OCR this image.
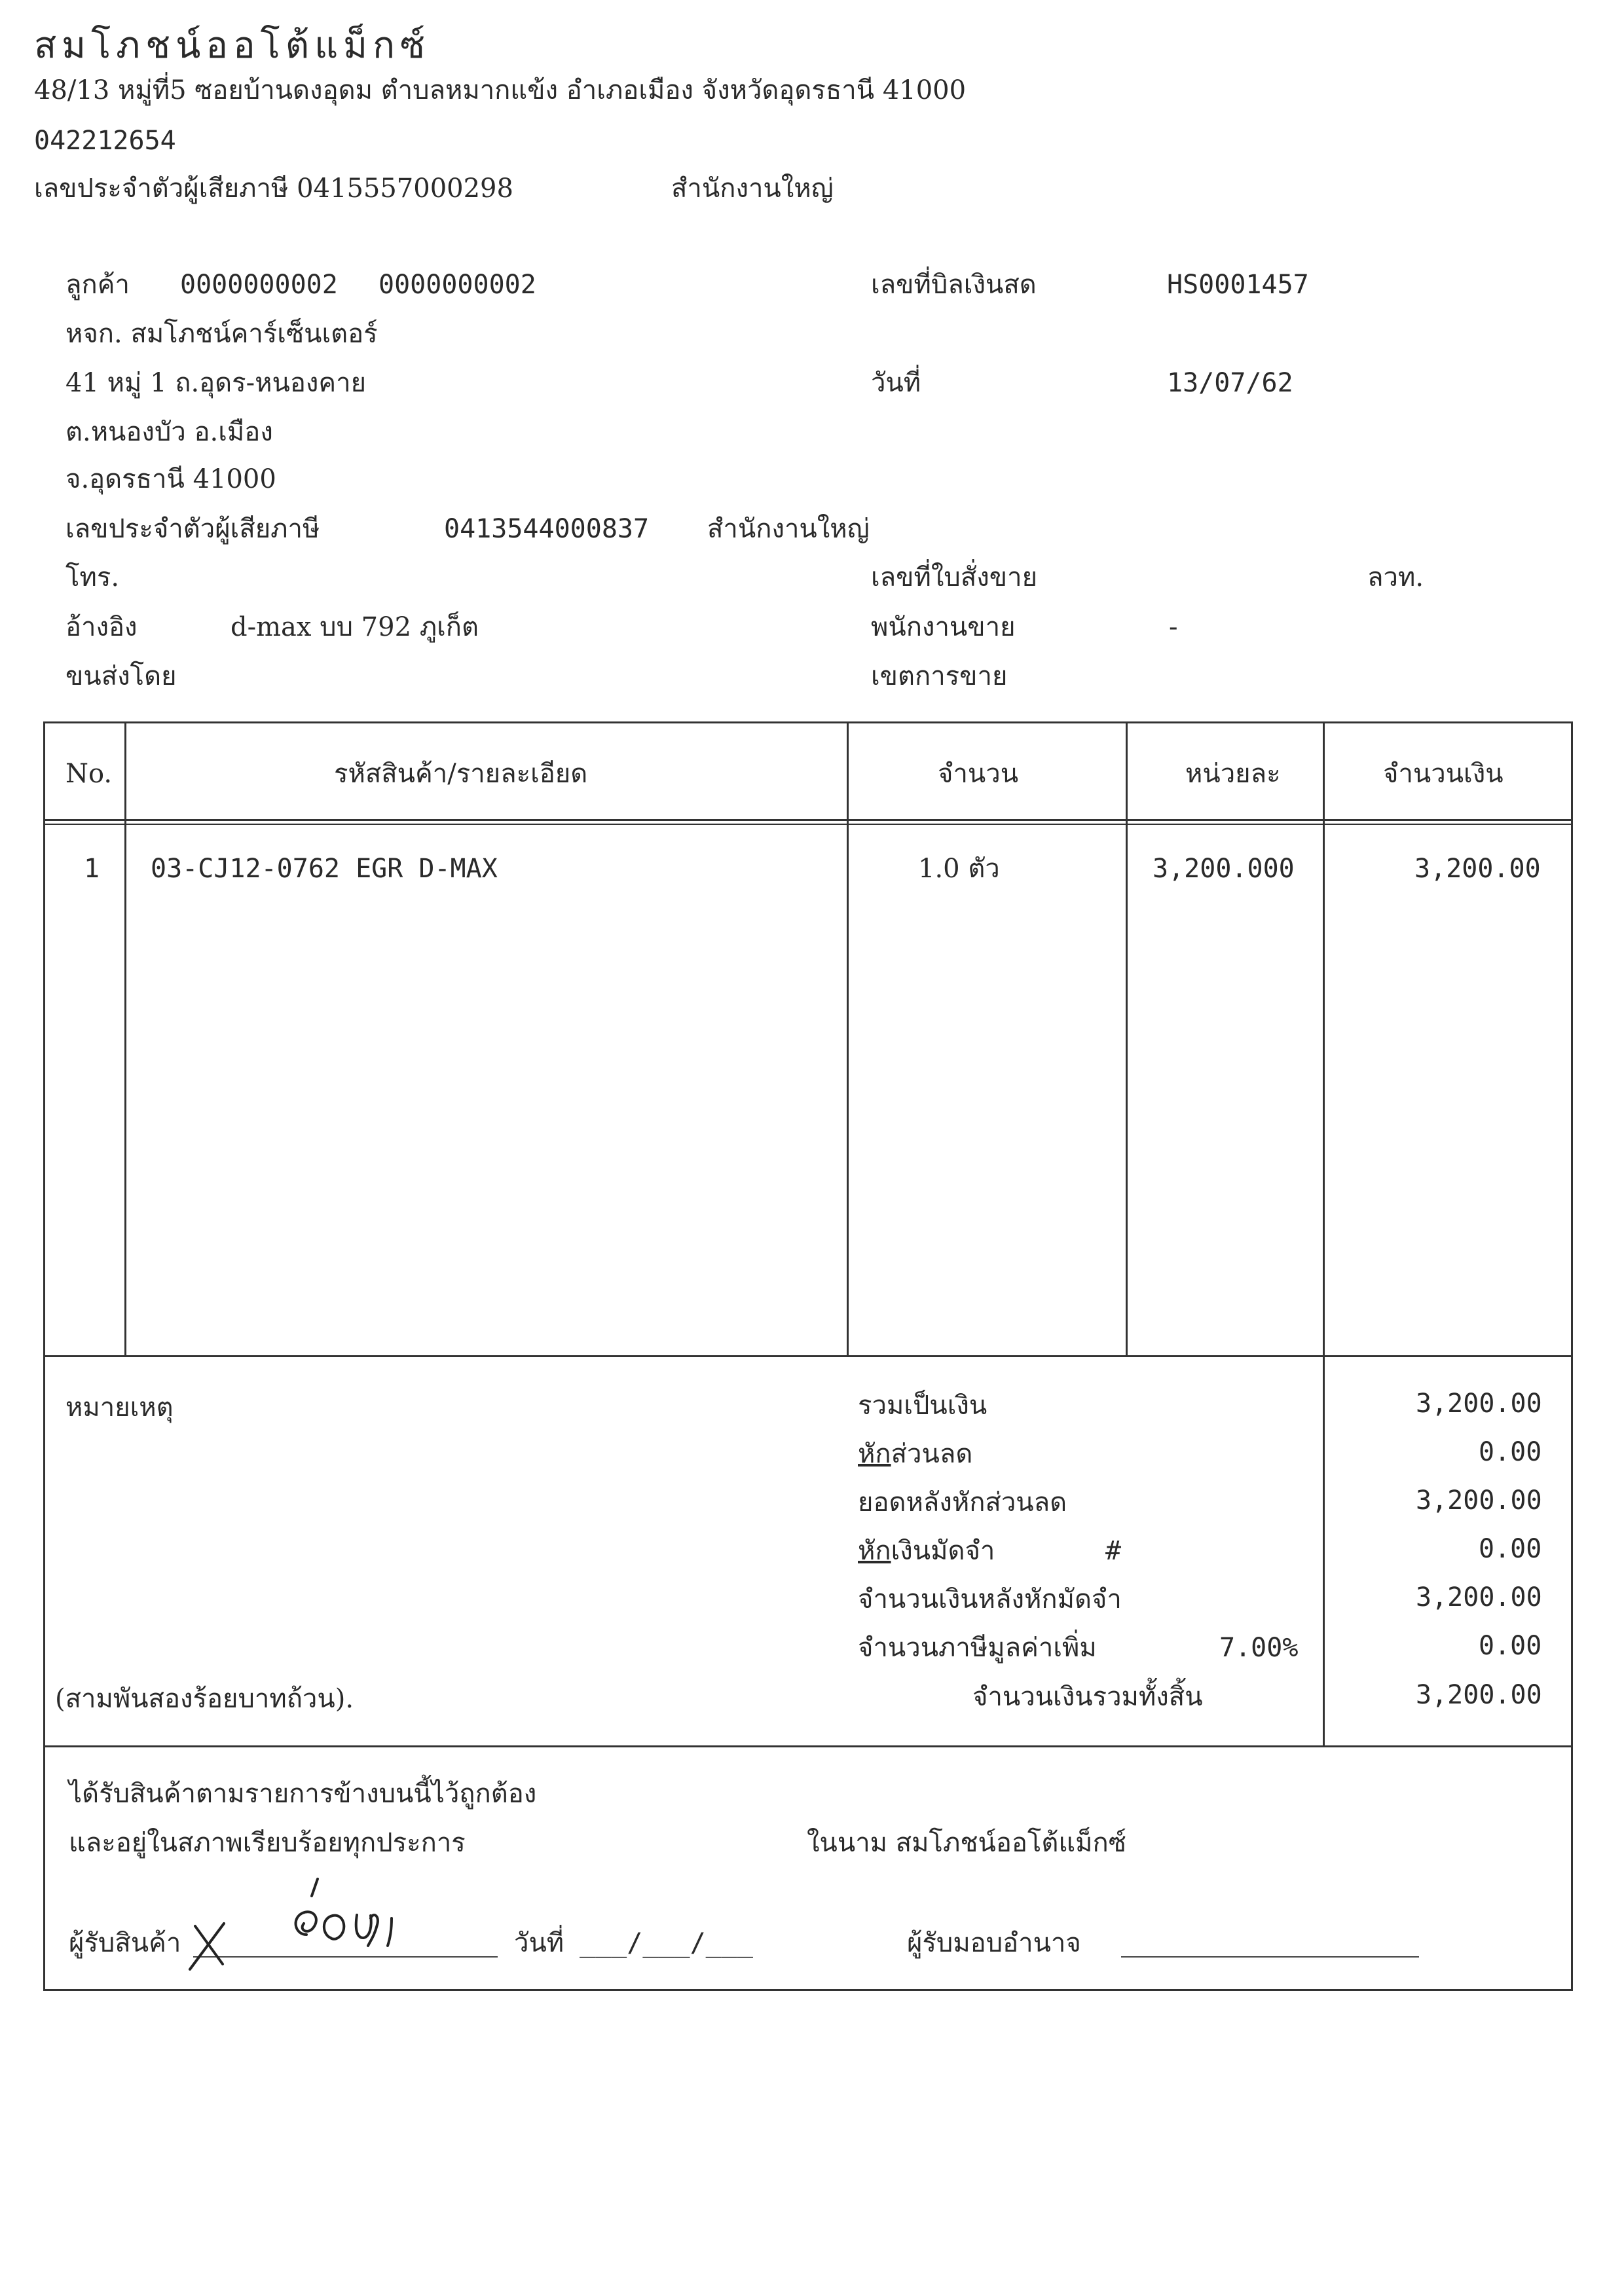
สมโภชน์ออโต้แม็กซ์
48/13 หมู่ที่5 ซอยบ้านดงอุดม ตำบลหมากแข้ง อำเภอเมือง จังหวัดอุดรธานี 41000
042212654
เลขประจำตัวผู้เสียภาษี 0415557000298	สำนักงานใหญ่
ลูกค้า 0000000002 0000000002
หจก. สมโภชน์คาร์เซ็นเตอร์
41 หมู่ 1 ถ.อุดร-หนองคาย
ต.หนองบัว อ.เมือง
จ.อุดรธานี 41000
เลขประจำตัวผู้เสียภาษี	0413544000837 สำนักงานใหญ่
โทร.
อ้างอิง	d-max บบ 792 ภูเก็ต
ขนส่งโดย
เลขที่บิลเงินสด	HS0001457
วันที่	13/07/62
เลขที่ใบสั่งขาย	ลวท.
พนักงานขาย	-
เขตการขาย
No.	รหัสสินค้า/รายละเอียด	จำนวน	หน่วยละ	จำนวนเงิน
1 03-CJ12-0762 EGR D-MAX	1.0 ตัว	3,200.000	3,200.00
หมายเหตุ	รวมเป็นเงิน	3,200.00
หักส่วนลด	0.00
ยอดหลังหักส่วนลด	3,200.00
หักเงินมัดจำ	#	0.00
จำนวนเงินหลังหักมัดจำ	3,200.00
จำนวนภาษีมูลค่าเพิ่ม	7.00%	0.00
(สามพันสองร้อยบาทถ้วน).	จำนวนเงินรวมทั้งสิ้น	3,200.00
ได้รับสินค้าตามรายการข้างบนนี้ไว้ถูกต้อง
และอยู่ในสภาพเรียบร้อยทุกประการ	ในนาม สมโภชน์ออโต้แม็กซ์
ผู้รับสินค้า	วันที่ ___/___/___	ผู้รับมอบอำนาจ
